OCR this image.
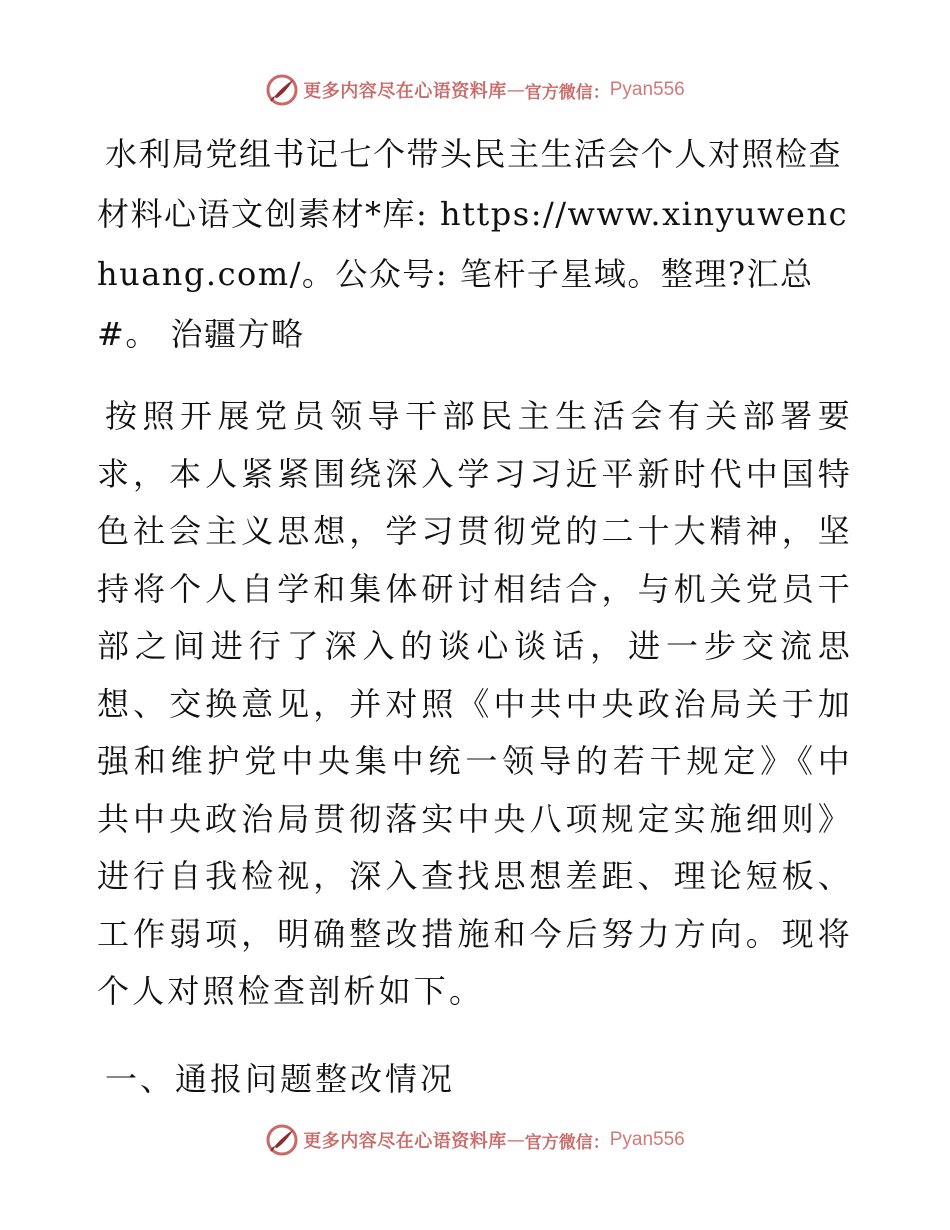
更多内容尽在心语资料库 — 官方微信： Pyan556

水利局党组书记七个带头民主生活会个人对照检查材料心语文创素材*库: https://www.xinyuwenchuang.com/。公众号: 笔杆子星域。整理?汇总#。 治疆方略

按照开展党员领导干部民主生活会有关部署要求，本人紧紧围绕深入学习习近平新时代中国特色社会主义思想，学习贯彻党的二十大精神，坚持将个人自学和集体研讨相结合，与机关党员干部之间进行了深入的谈心谈话，进一步交流思想、交换意见，并对照《中共中央政治局关于加强和维护党中央集中统一领导的若干规定》《中共中央政治局贯彻落实中央八项规定实施细则》进行自我检视，深入查找思想差距、理论短板、工作弱项，明确整改措施和今后努力方向。现将个人对照检查剖析如下。

一、通报问题整改情况

更多内容尽在心语资料库 — 官方微信： Pyan556
